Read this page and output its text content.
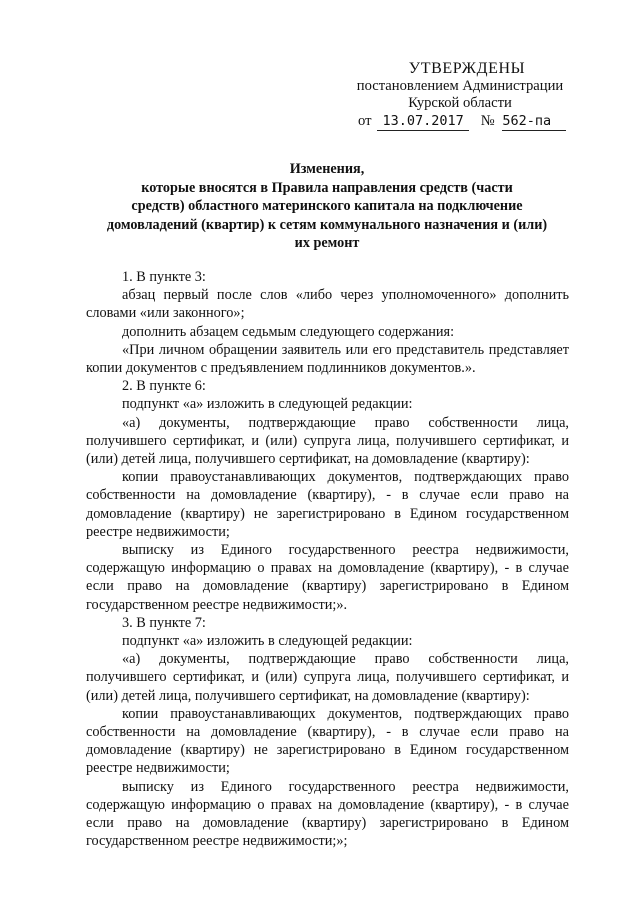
УТВЕРЖДЕНЫ
постановлением Администрации
Курской области
от 13.07.2017 № 562-па
Изменения,
которые вносятся в Правила направления средств (части
средств) областного материнского капитала на подключение
домовладений (квартир) к сетям коммунального назначения и (или)
их ремонт

1. В пункте 3:

абзац первый после слов «либо через уполномоченного» дополнить словами «или законного»;

дополнить абзацем седьмым следующего содержания:

«При личном обращении заявитель или его представитель представляет копии документов с предъявлением подлинников документов.».

2. В пункте 6:

подпункт «а» изложить в следующей редакции:

«а) документы, подтверждающие право собственности лица, получившего сертификат, и (или) супруга лица, получившего сертификат, и (или) детей лица, получившего сертификат, на домовладение (квартиру):

копии правоустанавливающих документов, подтверждающих право собственности на домовладение (квартиру), - в случае если право на домовладение (квартиру) не зарегистрировано в Едином государственном реестре недвижимости;

выписку из Единого государственного реестра недвижимости, содержащую информацию о правах на домовладение (квартиру), - в случае если право на домовладение (квартиру) зарегистрировано в Едином государственном реестре недвижимости;».

3. В пункте 7:

подпункт «а» изложить в следующей редакции:

«а) документы, подтверждающие право собственности лица, получившего сертификат, и (или) супруга лица, получившего сертификат, и (или) детей лица, получившего сертификат, на домовладение (квартиру):

копии правоустанавливающих документов, подтверждающих право собственности на домовладение (квартиру), - в случае если право на домовладение (квартиру) не зарегистрировано в Едином государственном реестре недвижимости;

выписку из Единого государственного реестра недвижимости, содержащую информацию о правах на домовладение (квартиру), - в случае если право на домовладение (квартиру) зарегистрировано в Едином государственном реестре недвижимости;»;
